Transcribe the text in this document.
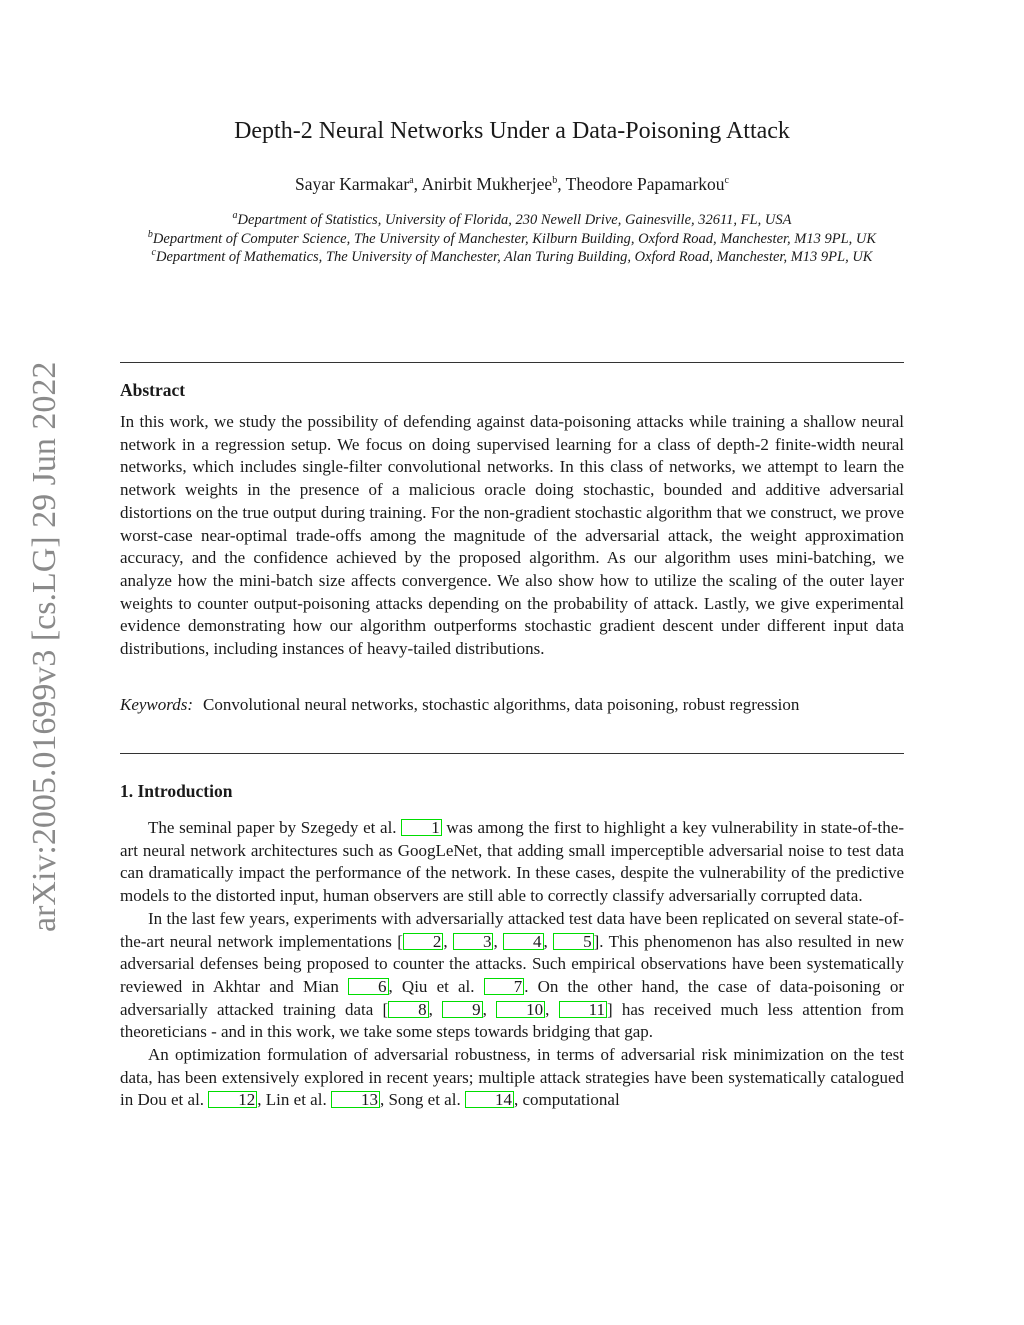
arXiv:2005.01699v3 [cs.LG] 29 Jun 2022
Depth-2 Neural Networks Under a Data-Poisoning Attack
Sayar Karmakar$^a$, Anirbit Mukherjee$^b$, Theodore Papamarkou$^c$
$^a$Department of Statistics, University of Florida, 230 Newell Drive, Gainesville, 32611, FL, USA
$^b$Department of Computer Science, The University of Manchester, Kilburn Building, Oxford Road, Manchester, M13 9PL, UK
$^c$Department of Mathematics, The University of Manchester, Alan Turing Building, Oxford Road, Manchester, M13 9PL, UK
Abstract

In this work, we study the possibility of defending against data-poisoning attacks while training a shallow neural network in a regression setup. We focus on doing supervised learning for a class of depth-2 finite-width neural networks, which includes single-filter convolutional networks. In this class of networks, we attempt to learn the network weights in the presence of a malicious oracle doing stochastic, bounded and additive adversarial distortions on the true output during training. For the non-gradient stochastic algorithm that we construct, we prove worst-case near-optimal trade-offs among the magnitude of the adversarial attack, the weight approximation accuracy, and the confidence achieved by the proposed algorithm. As our algorithm uses mini-batching, we analyze how the mini-batch size affects convergence. We also show how to utilize the scaling of the outer layer weights to counter output-poisoning attacks depending on the probability of attack. Lastly, we give experimental evidence demonstrating how our algorithm outperforms stochastic gradient descent under different input data distributions, including instances of heavy-tailed distributions.

Keywords: Convolutional neural networks, stochastic algorithms, data poisoning, robust regression

1. Introduction

The seminal paper by Szegedy et al. 1 was among the first to highlight a key vulnerability in state-of-the-art neural network architectures such as GoogLeNet, that adding small imperceptible adversarial noise to test data can dramatically impact the performance of the network. In these cases, despite the vulnerability of the predictive models to the distorted input, human observers are still able to correctly classify adversarially corrupted data.

In the last few years, experiments with adversarially attacked test data have been replicated on several state-of-the-art neural network implementations [ 2 , 3 , 4 , 5 ]. This phenomenon has also resulted in new adversarial defenses being proposed to counter the attacks. Such empirical observations have been systematically reviewed in Akhtar and Mian 6 , Qiu et al. 7 . On the other hand, the case of data-poisoning or adversarially attacked training data [ 8 , 9 , 10 , 11 ] has received much less attention from theoreticians - and in this work, we take some steps towards bridging that gap.

An optimization formulation of adversarial robustness, in terms of adversarial risk minimization on the test data, has been extensively explored in recent years; multiple attack strategies have been systematically catalogued in Dou et al. 12 , Lin et al. 13 , Song et al. 14 , computational
